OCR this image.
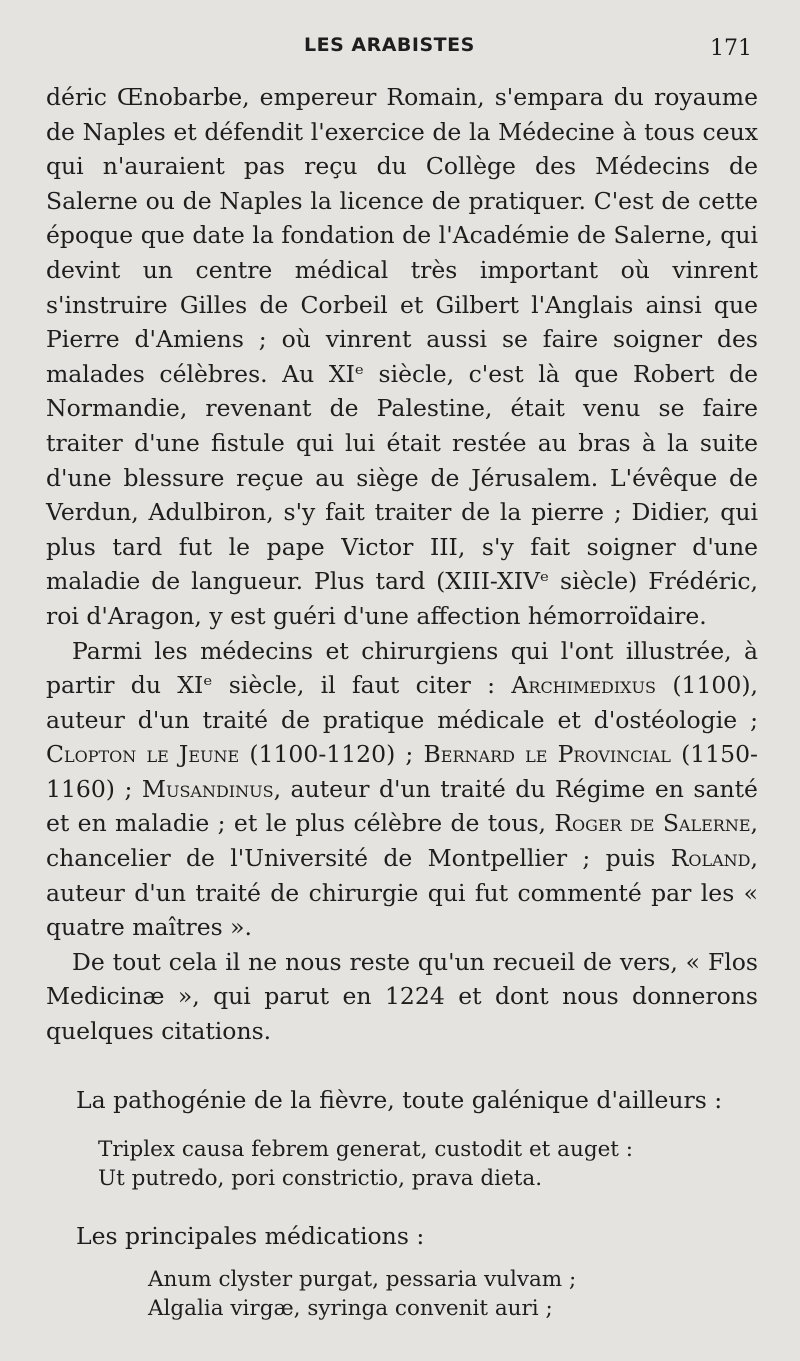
LES ARABISTES	171

déric Œnobarbe, empereur Romain, s'empara du royaume de Naples et défendit l'exercice de la Médecine à tous ceux qui n'auraient pas reçu du Collège des Médecins de Salerne ou de Naples la licence de pratiquer. C'est de cette époque que date la fondation de l'Académie de Salerne, qui devint un centre médical très important où vinrent s'instruire Gilles de Corbeil et Gilbert l'Anglais ainsi que Pierre d'Amiens ; où vinrent aussi se faire soigner des malades célèbres. Au XIᵉ siècle, c'est là que Robert de Normandie, revenant de Palestine, était venu se faire traiter d'une fistule qui lui était restée au bras à la suite d'une blessure reçue au siège de Jérusalem. L'évêque de Verdun, Adulbiron, s'y fait traiter de la pierre ; Didier, qui plus tard fut le pape Victor III, s'y fait soigner d'une maladie de langueur. Plus tard (XIII-XIVᵉ siècle) Frédéric, roi d'Aragon, y est guéri d'une affection hémorroïdaire.

Parmi les médecins et chirurgiens qui l'ont illustrée, à partir du XIᵉ siècle, il faut citer : Archimedixus (1100), auteur d'un traité de pratique médicale et d'ostéologie ; Clopton le Jeune (1100-1120) ; Bernard le Provincial (1150-1160) ; Musandinus, auteur d'un traité du Régime en santé et en maladie ; et le plus célèbre de tous, Roger de Salerne, chancelier de l'Université de Montpellier ; puis Roland, auteur d'un traité de chirurgie qui fut commenté par les « quatre maîtres ».

De tout cela il ne nous reste qu'un recueil de vers, « Flos Medicinæ », qui parut en 1224 et dont nous donnerons quelques citations.

La pathogénie de la fièvre, toute galénique d'ailleurs :
Triplex causa febrem generat, custodit et auget :
Ut putredo, pori constrictio, prava dieta.
Les principales médications :
Anum clyster purgat, pessaria vulvam ;
Algalia virgæ, syringa convenit auri ;
